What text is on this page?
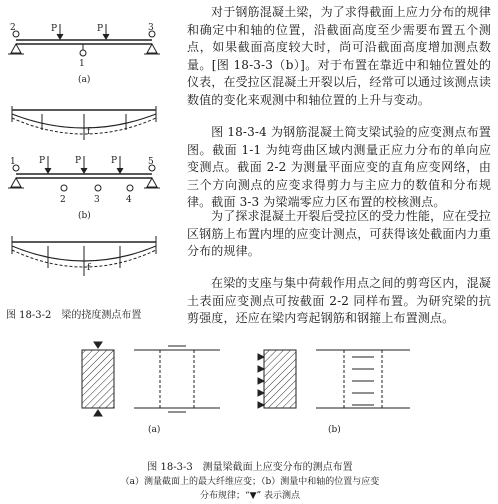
对于钢筋混凝土梁，为了求得截面上应力分布的规律和确定中和轴的位置，沿截面高度至少需要布置五个测点，如果截面高度较大时，尚可沿截面高度增加测点数量。[图 18-3-3（b）]。对于布置在靠近中和轴位置处的仪表，在受拉区混凝土开裂以后，经常可以通过该测点读数值的变化来观测中和轴位置的上升与变动。
图 18-3-4 为钢筋混凝土简支梁试验的应变测点布置图。截面 1-1 为纯弯曲区域内测量正应力分布的单向应变测点。截面 2-2 为测量平面应变的直角应变网络，由三个方向测点的应变求得剪力与主应力的数值和分布规律。截面 3-3 为梁端零应力区布置的校核测点。
为了探求混凝土开裂后受拉区的受力性能，应在受拉区钢筋上布置内埋的应变计测点，可获得该处截面内力重分布的规律。
在梁的支座与集中荷载作用点之间的剪弯区内，混凝土表面应变测点可按截面 2-2 同样布置。为研究梁的抗剪强度，还应在梁内弯起钢筋和钢箍上布置测点。
P	P
2
1
3
(a)
f
P	P	P
1
2	3	4
5
(b)
f
图 18-3-2　梁的挠度测点布置
(a)	(b)
图 18-3-3　测量梁截面上应变分布的测点布置
（a）测量截面上的最大纤维应变；（b）测量中和轴的位置与应变
分布规律；“▼” 表示测点
